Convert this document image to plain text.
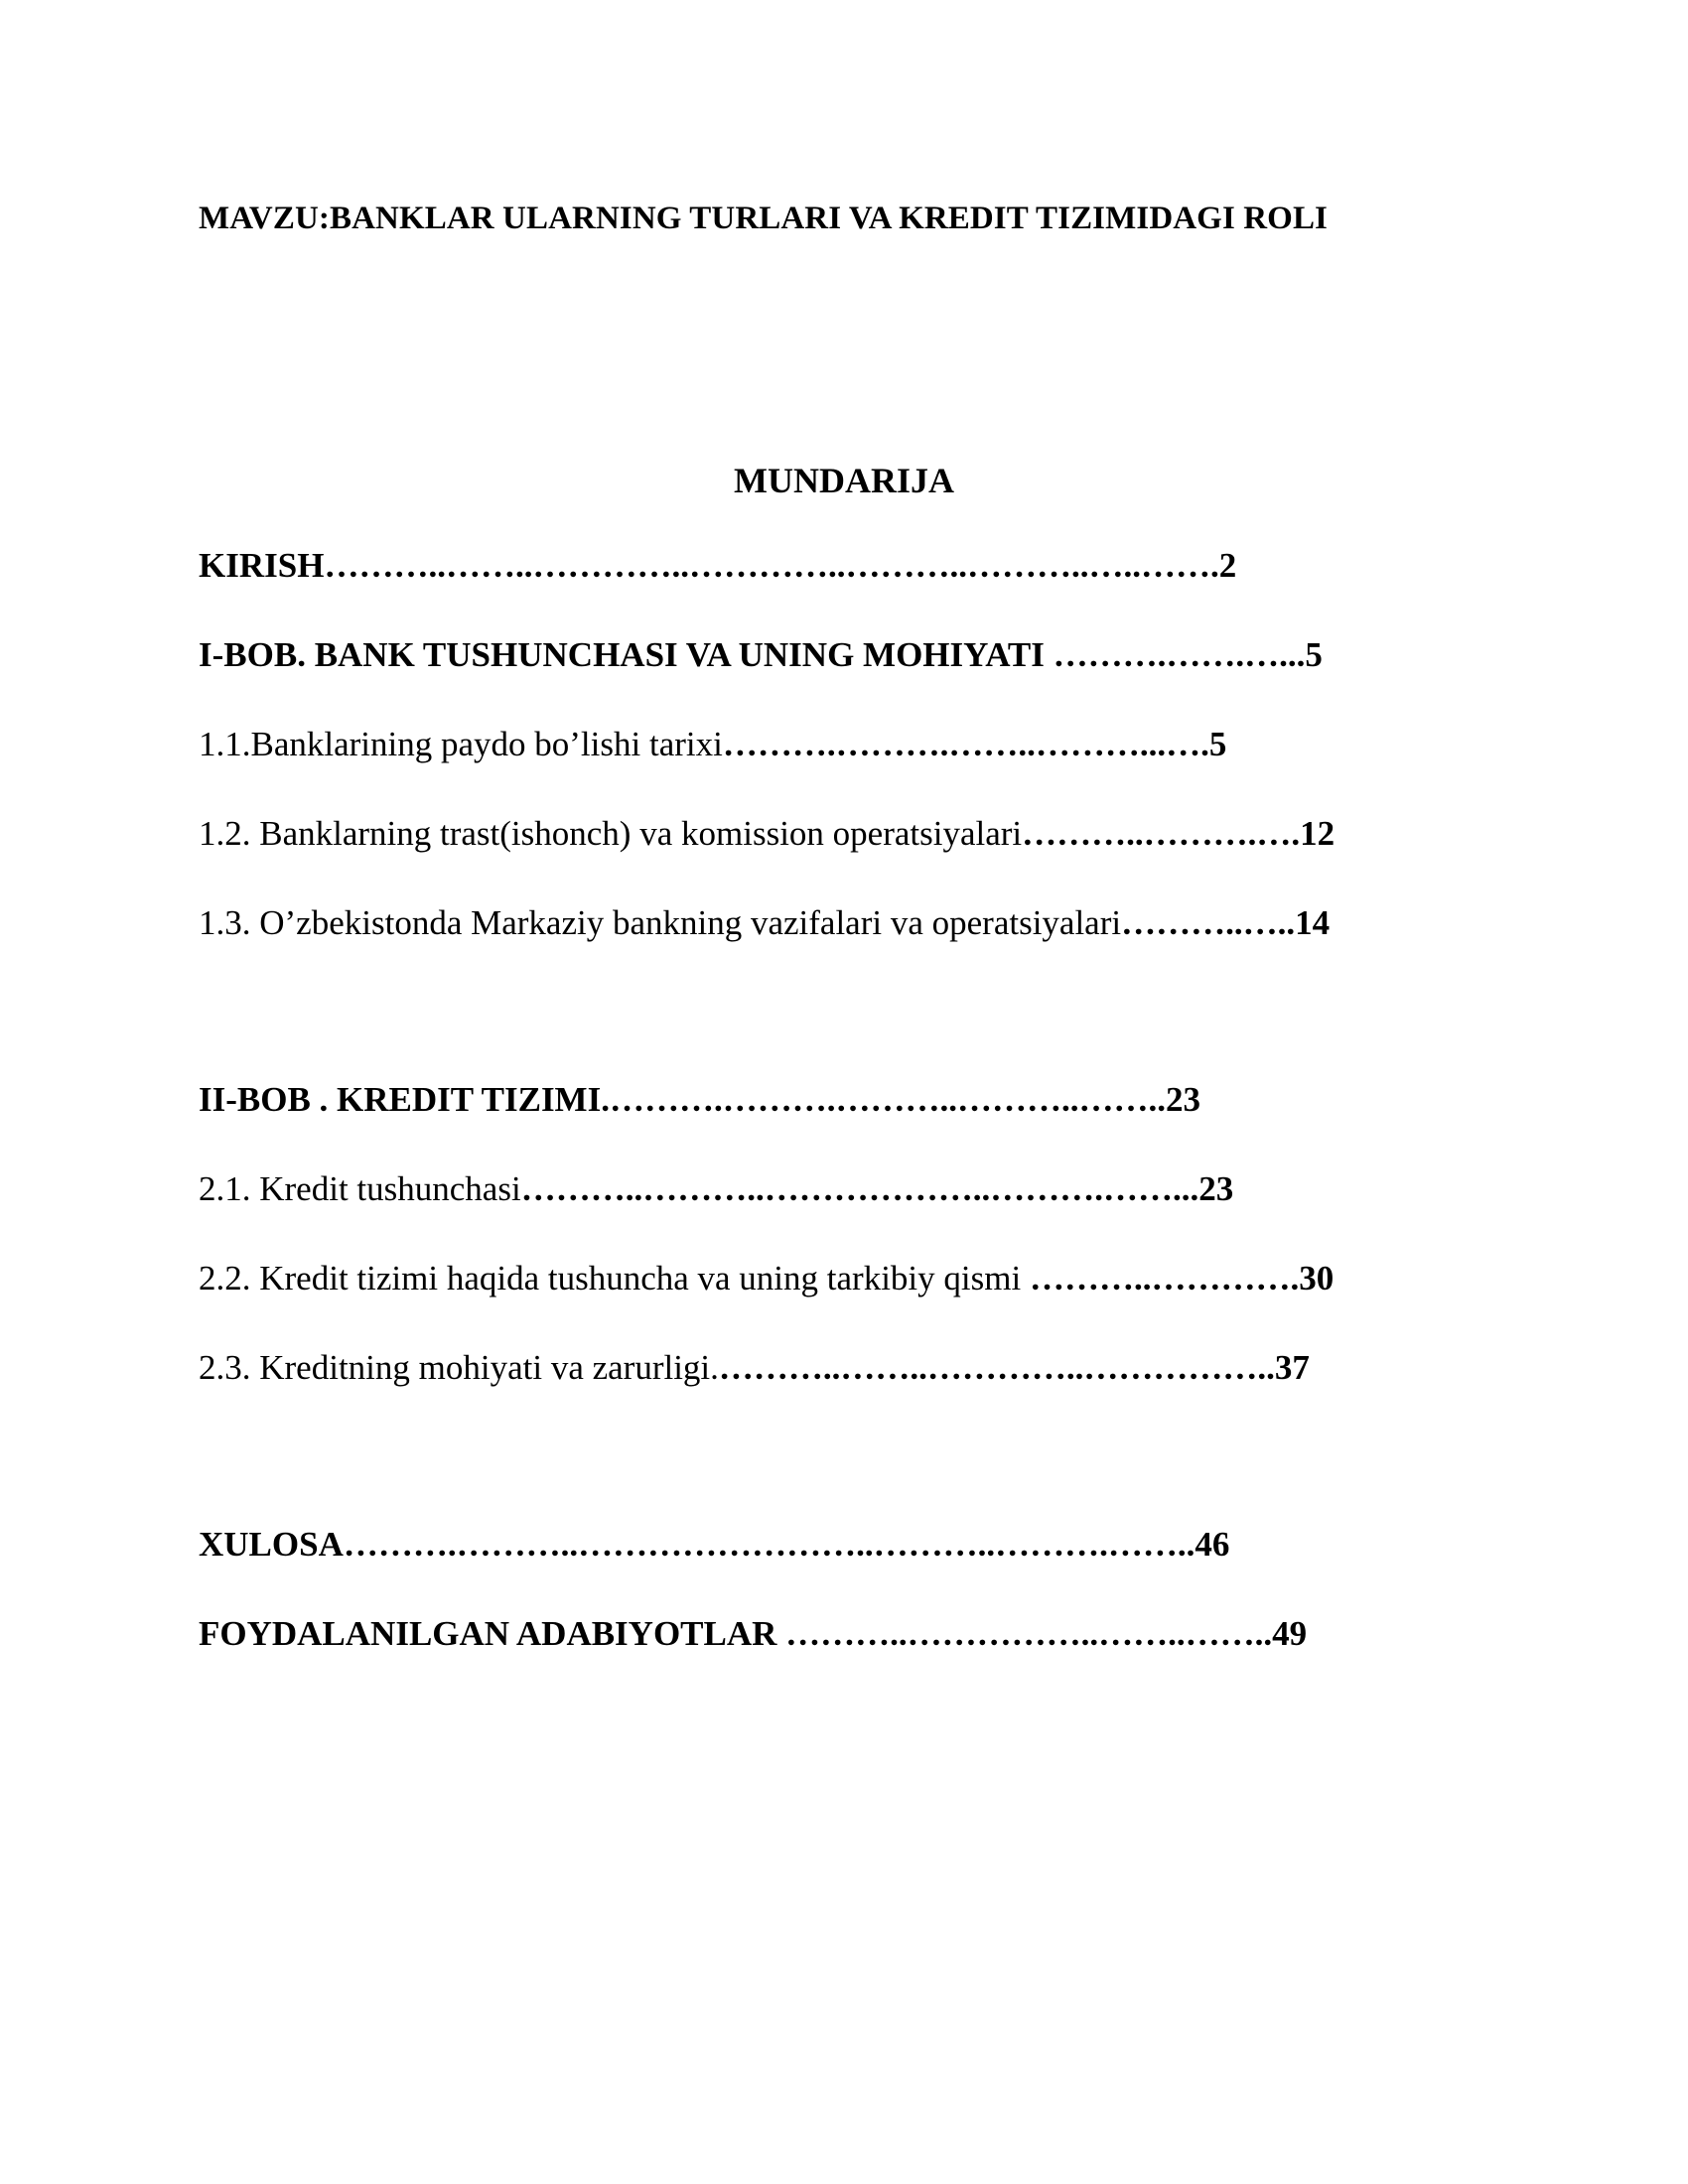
MAVZU:BANKLAR ULARNING TURLARI VA KREDIT TIZIMIDAGI ROLI
MUNDARIJA
KIRISH………..……..…………..…………..………..………..…..…….2
I-BOB. BANK TUSHUNCHASI VA UNING MOHIYATI ……….…….…...5
1.1.Banklarining paydo bo’lishi tarixi……….……….……..………...….5
1.2. Banklarning trast(ishonch) va komission operatsiyalari………..……….….12
1.3. O’zbekistonda Markaziy bankning vazifalari va operatsiyalari………..…..14
II-BOB . KREDIT TIZIMI.……….……….………..………..……..23
2.1. Kredit tushunchasi………..………..………………..……….……...23
2.2. Kredit tizimi haqida tushuncha va uning tarkibiy qismi ………..………….30
2.3. Kreditning mohiyati va zarurligi.………..……..…………..……………..37
XULOSA……….………..……………………..………..……….……..46
FOYDALANILGAN ADABIYOTLAR ………..……………..……..……..49
